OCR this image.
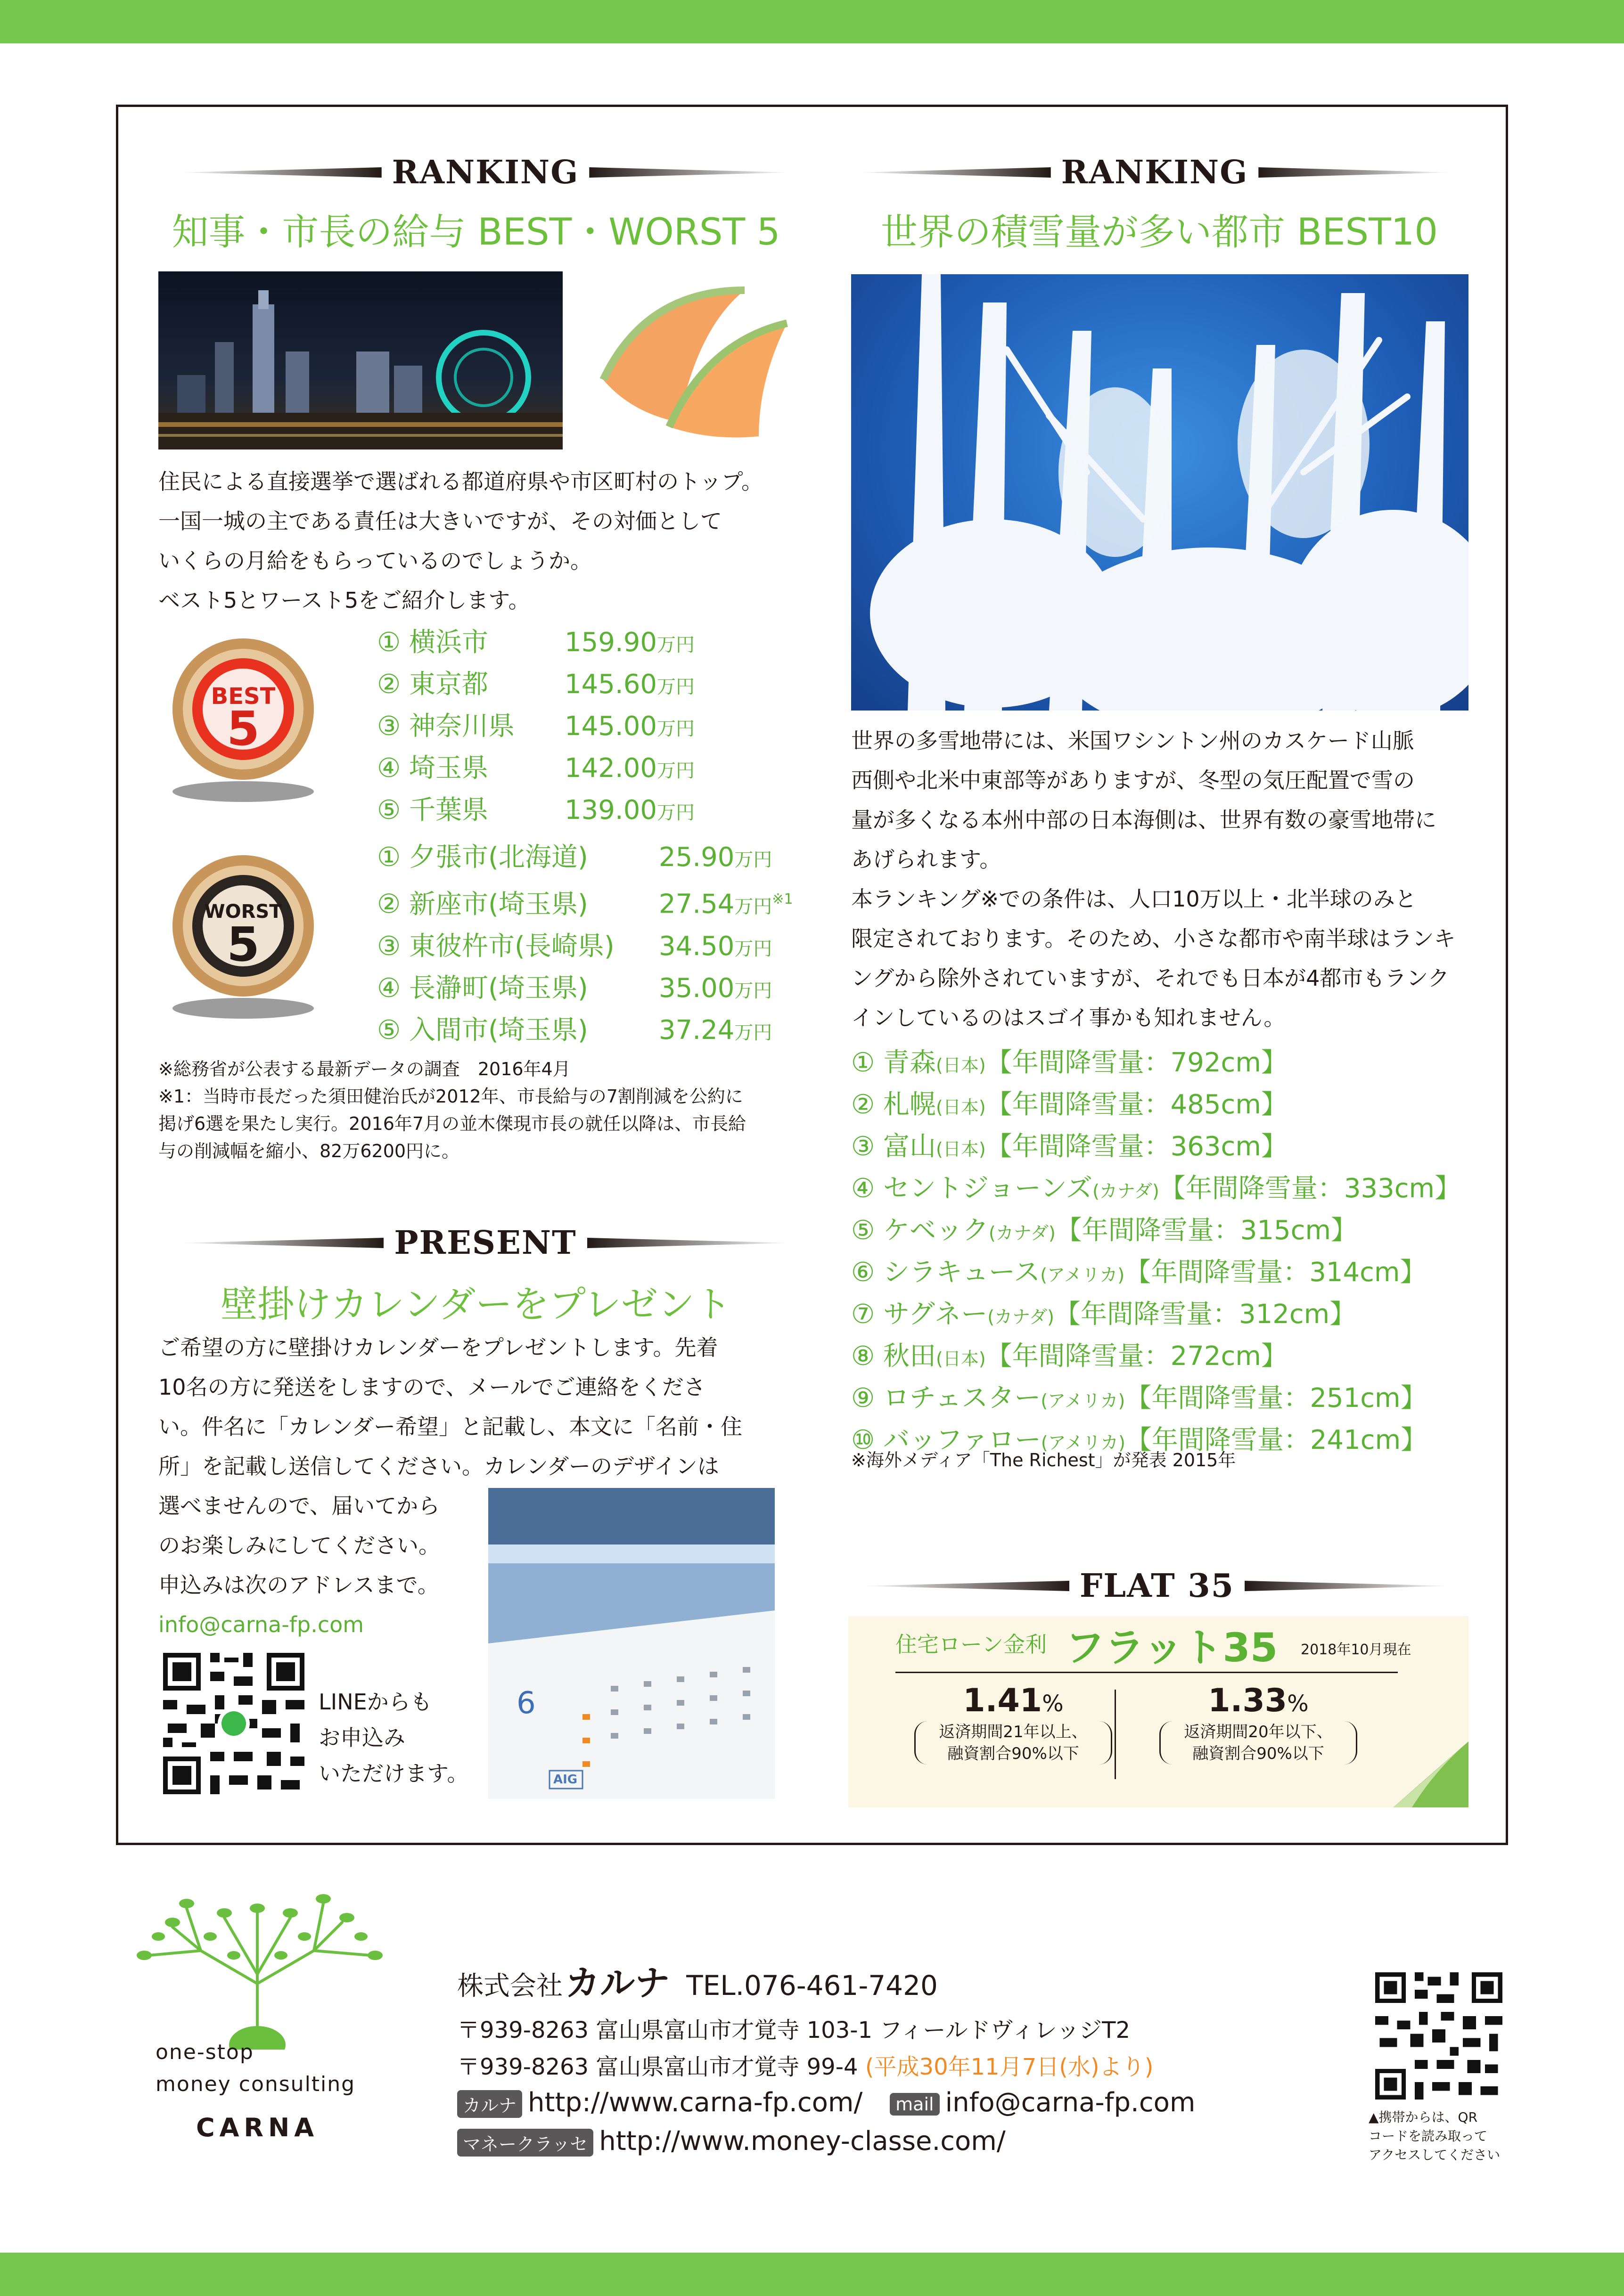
RANKING
知事・市長の給与 BEST・WORST 5
住民による直接選挙で選ばれる都道府県や市区町村のトップ。
一国一城の主である責任は大きいですが、その対価として
いくらの月給をもらっているのでしょうか。
ベスト5とワースト5をご紹介します。
BEST
5
① 横浜市	159.90万円
② 東京都	145.60万円
③ 神奈川県 145.00万円
④ 埼玉県	142.00万円
⑤ 千葉県	139.00万円
WORST
5
① 夕張市(北海道)	25.90万円
② 新座市(埼玉県)	27.54万円$^{※1}$
③ 東彼杵市(長崎県) 34.50万円
④ 長瀞町(埼玉県)	35.00万円
⑤ 入間市(埼玉県)	37.24万円
※総務省が公表する最新データの調査　2016年4月
※1：当時市長だった須田健治氏が2012年、市長給与の7割削減を公約に
掲げ6選を果たし実行。2016年7月の並木傑現市長の就任以降は、市長給
与の削減幅を縮小、82万6200円に。
PRESENT
壁掛けカレンダーをプレゼント
ご希望の方に壁掛けカレンダーをプレゼントします。先着
10名の方に発送をしますので、メールでご連絡をくださ
い。件名に「カレンダー希望」と記載し、本文に「名前・住
所」を記載し送信してください。カレンダーのデザインは
選べませんので、届いてから
のお楽しみにしてください。
申込みは次のアドレスまで。
info@carna-fp.com
LINEからも
お申込み
いただけます。
6
AIG
RANKING
世界の積雪量が多い都市 BEST10
世界の多雪地帯には、米国ワシントン州のカスケード山脈
西側や北米中東部等がありますが、冬型の気圧配置で雪の
量が多くなる本州中部の日本海側は、世界有数の豪雪地帯に
あげられます。
本ランキング※での条件は、人口10万以上・北半球のみと
限定されております。そのため、小さな都市や南半球はランキ
ングから除外されていますが、それでも日本が4都市もランク
インしているのはスゴイ事かも知れません。
① 青森(日本)【年間降雪量：792cm】
② 札幌(日本)【年間降雪量：485cm】
③ 富山(日本)【年間降雪量：363cm】
④ セントジョーンズ(カナダ)【年間降雪量：333cm】
⑤ ケベック(カナダ)【年間降雪量：315cm】
⑥ シラキュース(アメリカ)【年間降雪量：314cm】
⑦ サグネー(カナダ)【年間降雪量：312cm】
⑧ 秋田(日本)【年間降雪量：272cm】
⑨ ロチェスター(アメリカ)【年間降雪量：251cm】
⑩ バッファロー(アメリカ)【年間降雪量：241cm】
※海外メディア「The Richest」が発表 2015年
FLAT 35
住宅ローン金利 フラット35 2018年10月現在
1.41%
返済期間21年以上、
融資割合90%以下
1.33%
返済期間20年以下、
融資割合90%以下
one-stop
money consulting
CARNA
株式会社 カルナ TEL.076-461-7420
〒939-8263 富山県富山市才覚寺 103-1 フィールドヴィレッジT2
〒939-8263 富山県富山市才覚寺 99-4 (平成30年11月7日(水)より)
カルナ http://www.carna-fp.com/ mail info@carna-fp.com
マネークラッセ http://www.money-classe.com/
▲携帯からは、QR
コードを読み取って
アクセスしてください
